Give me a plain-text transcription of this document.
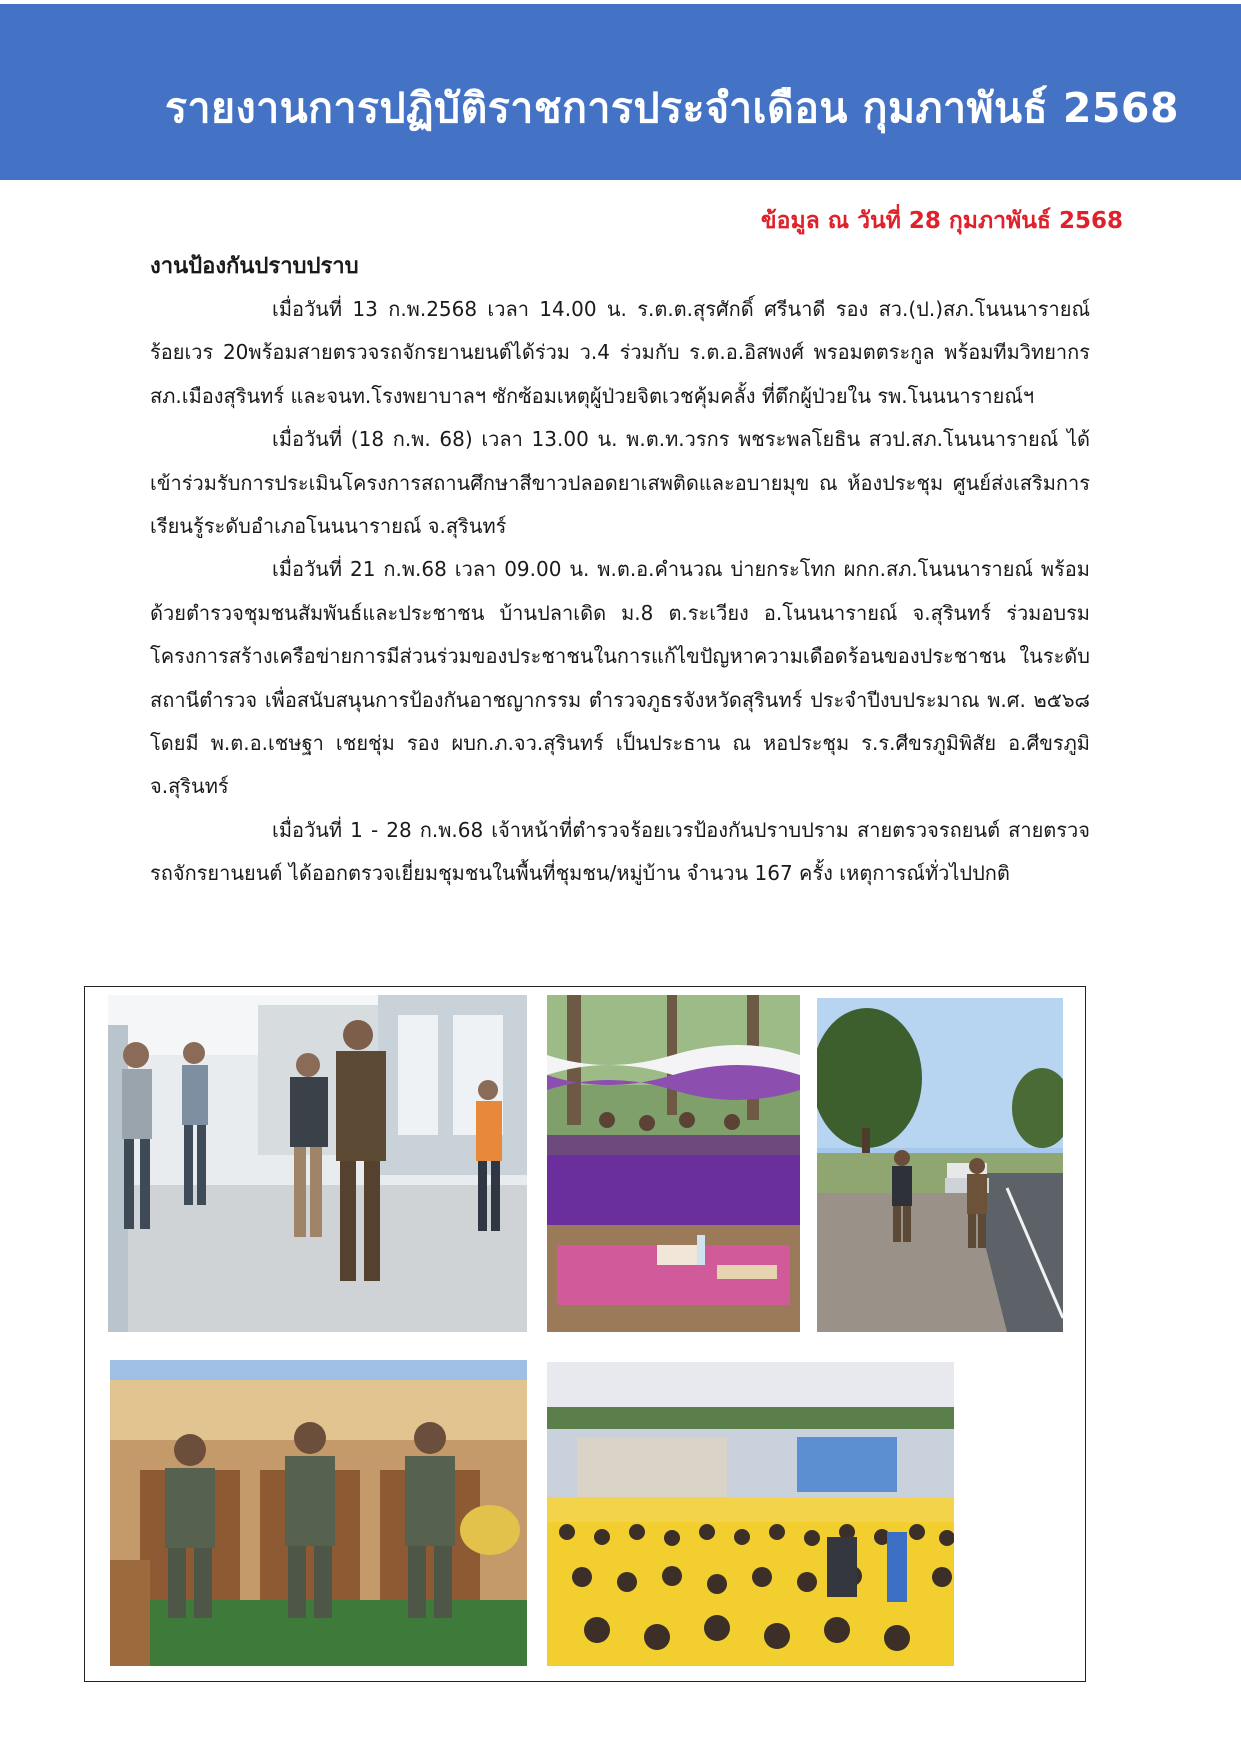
รายงานการปฏิบัติราชการประจำเดือน กุมภาพันธ์ 2568
ข้อมูล ณ วันที่ 28 กุมภาพันธ์ 2568
งานป้องกันปราบปราบ

เมื่อวันที่ 13 ก.พ.2568 เวลา 14.00 น. ร.ต.ต.สุรศักดิ์ ศรีนาดี รอง สว.(ป.)สภ.โนนนารายณ์ ร้อยเวร 20พร้อมสายตรวจรถจักรยานยนต์ได้ร่วม ว.4 ร่วมกับ ร.ต.อ.อิสพงศ์ พรอมตตระกูล พร้อมทีมวิทยากร สภ.เมืองสุรินทร์ และจนท.โรงพยาบาลฯ ซักซ้อมเหตุผู้ป่วยจิตเวชคุ้มคลั้ง ที่ตึกผู้ป่วยใน รพ.โนนนารายณ์ฯ

เมื่อวันที่ (18 ก.พ. 68) เวลา 13.00 น. พ.ต.ท.วรกร พชระพลโยธิน สวป.สภ.โนนนารายณ์ ได้เข้าร่วมรับการประเมินโครงการสถานศึกษาสีขาวปลอดยาเสพติดและอบายมุข ณ ห้องประชุม ศูนย์ส่งเสริมการเรียนรู้ระดับอำเภอโนนนารายณ์ จ.สุรินทร์

เมื่อวันที่ 21 ก.พ.68 เวลา 09.00 น. พ.ต.อ.คำนวณ บ่ายกระโทก ผกก.สภ.โนนนารายณ์ พร้อมด้วยตำรวจชุมชนสัมพันธ์และประชาชน บ้านปลาเดิด ม.8 ต.ระเวียง อ.โนนนารายณ์ จ.สุรินทร์ ร่วมอบรมโครงการสร้างเครือข่ายการมีส่วนร่วมของประชาชนในการแก้ไขปัญหาความเดือดร้อนของประชาชน ในระดับสถานีตำรวจ เพื่อสนับสนุนการป้องกันอาชญากรรม ตำรวจภูธรจังหวัดสุรินทร์ ประจำปีงบประมาณ พ.ศ. ๒๕๖๘ โดยมี พ.ต.อ.เชษฐา เชยชุ่ม รอง ผบก.ภ.จว.สุรินทร์ เป็นประธาน ณ หอประชุม ร.ร.ศีขรภูมิพิสัย อ.ศีขรภูมิ จ.สุรินทร์

เมื่อวันที่ 1 - 28 ก.พ.68 เจ้าหน้าที่ตำรวจร้อยเวรป้องกันปราบปราม สายตรวจรถยนต์ สายตรวจรถจักรยานยนต์ ได้ออกตรวจเยี่ยมชุมชนในพื้นที่ชุมชน/หมู่บ้าน จำนวน 167 ครั้ง เหตุการณ์ทั่วไปปกติ
